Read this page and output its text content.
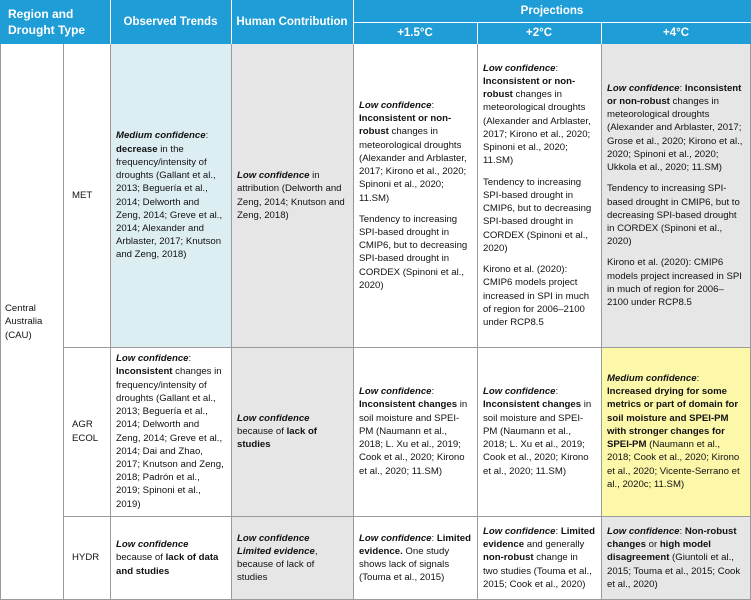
Region and Drought Type
Observed Trends Human Contribution
Projections
+1.5°C	+2°C	+4°C
Central Australia (CAU)
MET
AGR ECOL
HYDR

Medium confidence: decrease in the frequency/intensity of droughts (Gallant et al., 2013; Beguería et al., 2014; Delworth and Zeng, 2014; Greve et al., 2014; Alexander and Arblaster, 2017; Knutson and Zeng, 2018)

Low confidence in attribution (Delworth and Zeng, 2014; Knutson and Zeng, 2018)

Low confidence: Inconsistent or non-robust changes in meteorological droughts (Alexander and Arblaster, 2017; Kirono et al., 2020; Spinoni et al., 2020; 11.SM)

Tendency to increasing SPI-based drought in CMIP6, but to decreasing SPI-based drought in CORDEX (Spinoni et al., 2020)

Low confidence: Inconsistent or non-robust changes in meteorological droughts (Alexander and Arblaster, 2017; Kirono et al., 2020; Spinoni et al., 2020; 11.SM)

Tendency to increasing SPI-based drought in CMIP6, but to decreasing SPI-based drought in CORDEX (Spinoni et al., 2020)

Kirono et al. (2020): CMIP6 models project increased in SPI in much of region for 2006–2100 under RCP8.5

Low confidence: Inconsistent or non-robust changes in meteorological droughts (Alexander and Arblaster, 2017; Grose et al., 2020; Kirono et al., 2020; Spinoni et al., 2020; Ukkola et al., 2020; 11.SM)

Tendency to increasing SPI-based drought in CMIP6, but to decreasing SPI-based drought in CORDEX (Spinoni et al., 2020)

Kirono et al. (2020): CMIP6 models project increased in SPI in much of region for 2006–2100 under RCP8.5

Low confidence: Inconsistent changes in frequency/intensity of droughts (Gallant et al., 2013; Beguería et al., 2014; Delworth and Zeng, 2014; Greve et al., 2014; Dai and Zhao, 2017; Knutson and Zeng, 2018; Padrón et al., 2019; Spinoni et al., 2019)

Low confidence because of lack of studies

Low confidence: Inconsistent changes in soil moisture and SPEI-PM (Naumann et al., 2018; L. Xu et al., 2019; Cook et al., 2020; Kirono et al., 2020; 11.SM)

Low confidence: Inconsistent changes in soil moisture and SPEI-PM (Naumann et al., 2018; L. Xu et al., 2019; Cook et al., 2020; Kirono et al., 2020; 11.SM)

Medium confidence: Increased drying for some metrics or part of domain for soil moisture and SPEI-PM with stronger changes for SPEI-PM (Naumann et al., 2018; Cook et al., 2020; Kirono et al., 2020; Vicente-Serrano et al., 2020c; 11.SM)

Low confidence because of lack of data and studies

Low confidence

Limited evidence, because of lack of studies

Low confidence: Limited evidence. One study shows lack of signals (Touma et al., 2015)

Low confidence: Limited evidence and generally non-robust change in two studies (Touma et al., 2015; Cook et al., 2020)

Low confidence: Non-robust changes or high model disagreement (Giuntoli et al., 2015; Touma et al., 2015; Cook et al., 2020)
